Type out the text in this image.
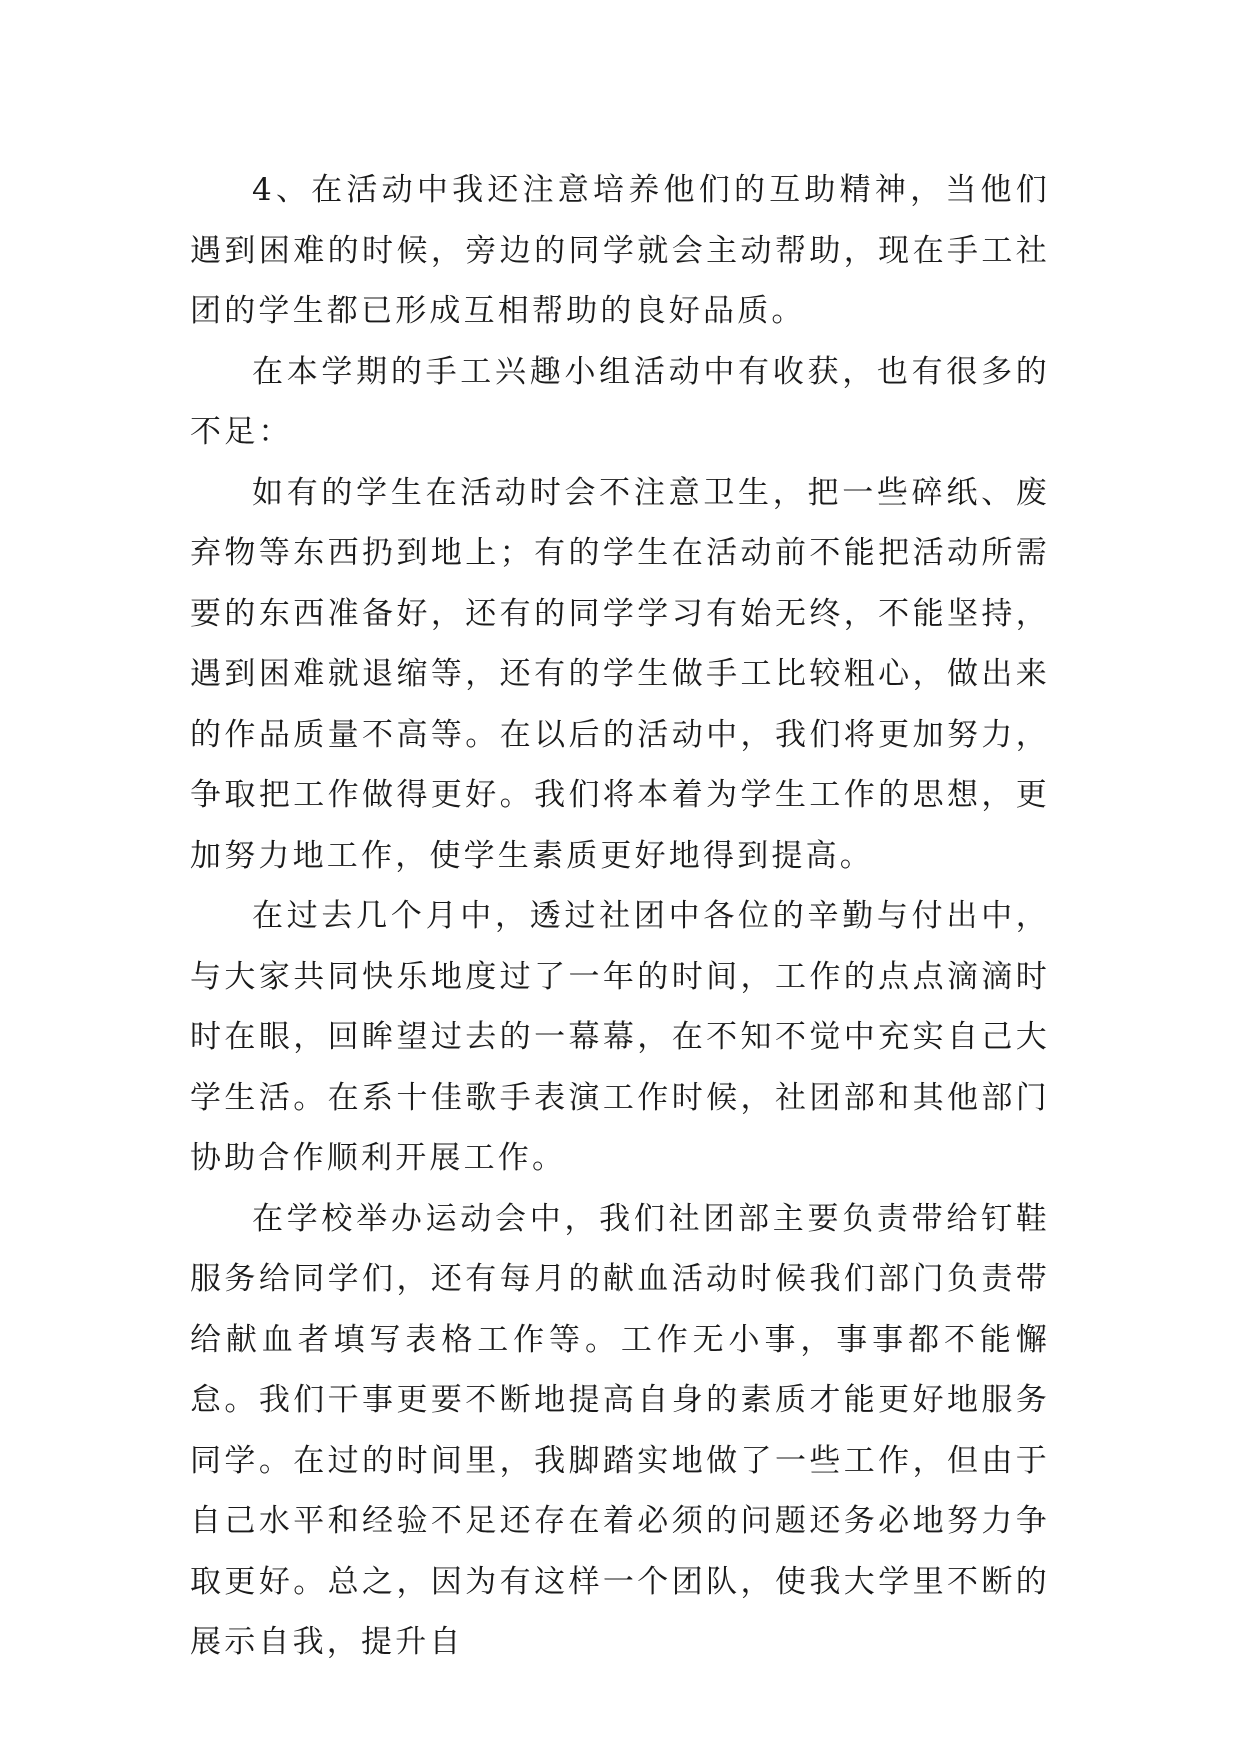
4、在活动中我还注意培养他们的互助精神，当他们遇到困难的时候，旁边的同学就会主动帮助，现在手工社团的学生都已形成互相帮助的良好品质。

在本学期的手工兴趣小组活动中有收获，也有很多的不足：

如有的学生在活动时会不注意卫生，把一些碎纸、废弃物等东西扔到地上；有的学生在活动前不能把活动所需要的东西准备好，还有的同学学习有始无终，不能坚持，遇到困难就退缩等，还有的学生做手工比较粗心，做出来的作品质量不高等。在以后的活动中，我们将更加努力，争取把工作做得更好。我们将本着为学生工作的思想，更加努力地工作，使学生素质更好地得到提高。

在过去几个月中，透过社团中各位的辛勤与付出中，与大家共同快乐地度过了一年的时间，工作的点点滴滴时时在眼，回眸望过去的一幕幕，在不知不觉中充实自己大学生活。在系十佳歌手表演工作时候，社团部和其他部门协助合作顺利开展工作。

在学校举办运动会中，我们社团部主要负责带给钉鞋服务给同学们，还有每月的献血活动时候我们部门负责带给献血者填写表格工作等。工作无小事，事事都不能懈怠。我们干事更要不断地提高自身的素质才能更好地服务同学。在过的时间里，我脚踏实地做了一些工作，但由于自己水平和经验不足还存在着必须的问题还务必地努力争取更好。总之，因为有这样一个团队，使我大学里不断的展示自我，提升自
